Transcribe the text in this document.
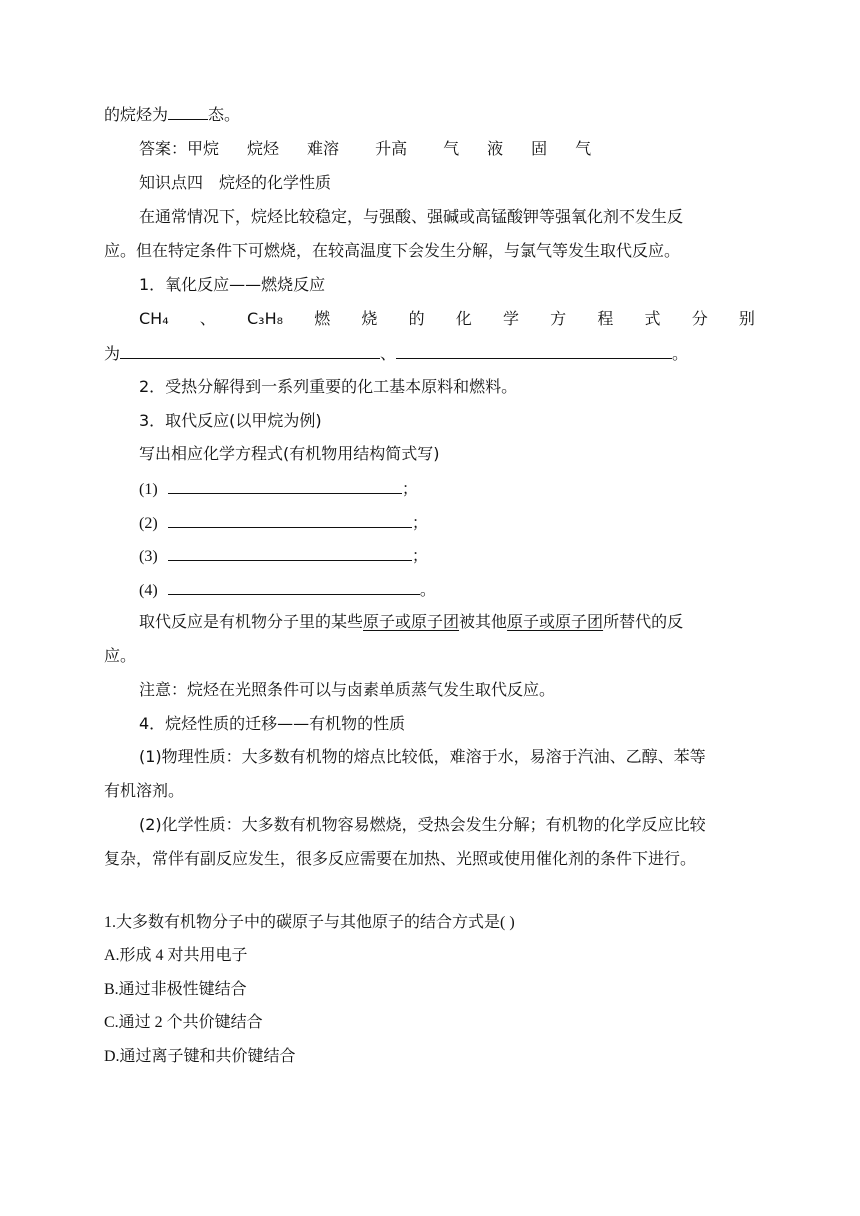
的烷烃为	态。
答案：甲烷 烷烃 难溶 升高 气 液 固 气
知识点四　烷烃的化学性质
在通常情况下，烷烃比较稳定，与强酸、强碱或高锰酸钾等强氧化剂不发生反
应。但在特定条件下可燃烧，在较高温度下会发生分解，与氯气等发生取代反应。
1．氧化反应——燃烧反应
CH₄ 、 C₃H₈ 燃 烧 的 化 学 方 程 式 分 别
为	、	。
2．受热分解得到一系列重要的化工基本原料和燃料。
3．取代反应(以甲烷为例)
写出相应化学方程式(有机物用结构简式写)
(1)	；
(2)	；
(3)	；
(4)	。
取代反应是有机物分子里的某些原子或原子团被其他原子或原子团所替代的反
应。
注意：烷烃在光照条件可以与卤素单质蒸气发生取代反应。
4．烷烃性质的迁移——有机物的性质
(1)物理性质：大多数有机物的熔点比较低，难溶于水，易溶于汽油、乙醇、苯等
有机溶剂。
(2)化学性质：大多数有机物容易燃烧，受热会发生分解；有机物的化学反应比较
复杂，常伴有副反应发生，很多反应需要在加热、光照或使用催化剂的条件下进行。
1.大多数有机物分子中的碳原子与其他原子的结合方式是( )
A.形成 4 对共用电子
B.通过非极性键结合
C.通过 2 个共价键结合
D.通过离子键和共价键结合
